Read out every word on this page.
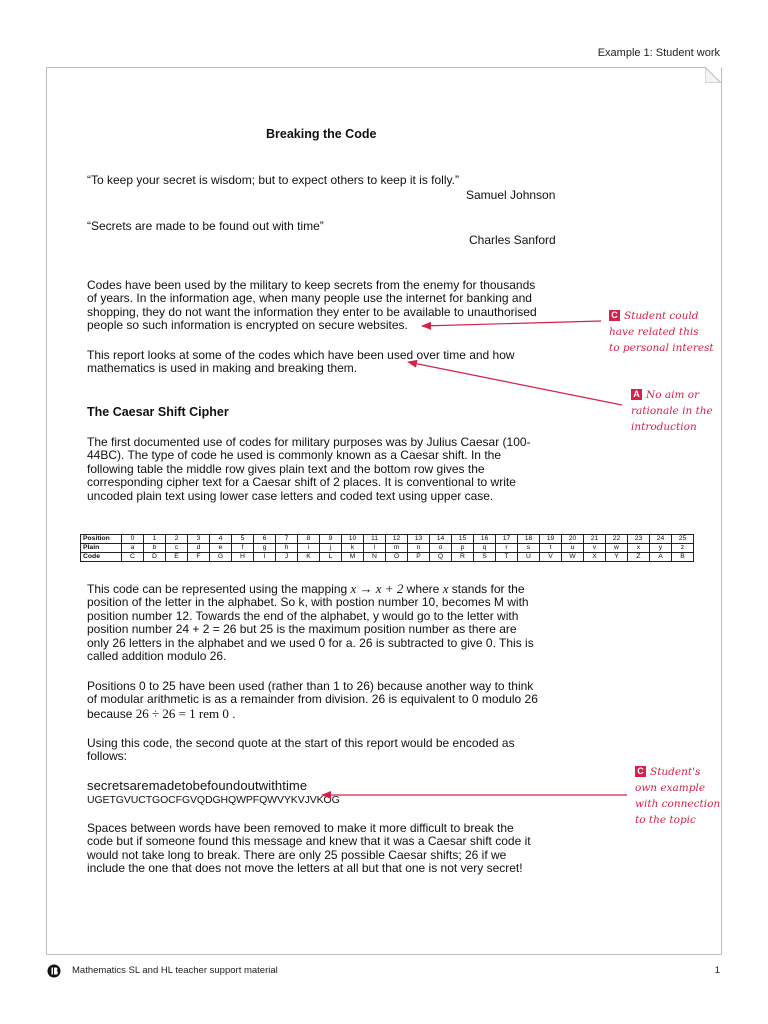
Example 1: Student work
Breaking the Code
“To keep your secret is wisdom; but to expect others to keep it is folly.”
Samuel Johnson
“Secrets are made to be found out with time”
Charles Sanford
Codes have been used by the military to keep secrets from the enemy for thousands
of years. In the information age, when many people use the internet for banking and
shopping, they do not want the information they enter to be available to unauthorised
people so such information is encrypted on secure websites.
This report looks at some of the codes which have been used over time and how
mathematics is used in making and breaking them.
The Caesar Shift Cipher
The first documented use of codes for military purposes was by Julius Caesar (100-
44BC). The type of code he used is commonly known as a Caesar shift. In the
following table the middle row gives plain text and the bottom row gives the
corresponding cipher text for a Caesar shift of 2 places. It is conventional to write
uncoded plain text using lower case letters and coded text using upper case.
Position	0	1	2	3	4	5	6	7	8	9	10	11	12	13	14	15	16	17	18	19	20	21	22	23	24	25
Plain	a	b	c	d	e	f	g	h	i	j	k	l	m	n	o	p	q	r	s	t	u	v	w	x	y	z
Code	C	D	E	F	G	H	I	J	K	L	M	N	O	P	Q	R	S	T	U	V	W	X	Y	Z	A	B
This code can be represented using the mapping x → x + 2 where x stands for the
position of the letter in the alphabet. So k, with postion number 10, becomes M with
position number 12. Towards the end of the alphabet, y would go to the letter with
position number 24 + 2 = 26 but 25 is the maximum position number as there are
only 26 letters in the alphabet and we used 0 for a. 26 is subtracted to give 0. This is
called addition modulo 26.
Positions 0 to 25 have been used (rather than 1 to 26) because another way to think
of modular arithmetic is as a remainder from division. 26 is equivalent to 0 modulo 26
because 26 ÷ 26 = 1 rem 0 .
Using this code, the second quote at the start of this report would be encoded as
follows:
secretsaremadetobefoundoutwithtime
UGETGVUCTGOCFGVQDGHQWPFQWVYKVJVKOG
Spaces between words have been removed to make it more difficult to break the
code but if someone found this message and knew that it was a Caesar shift code it
would not take long to break. There are only 25 possible Caesar shifts; 26 if we
include the one that does not move the letters at all but that one is not very secret!
C Student could
have related this
to personal interest
A No aim or
rationale in the
introduction
C Student's
own example
with connection
to the topic
Mathematics SL and HL teacher support material	1
